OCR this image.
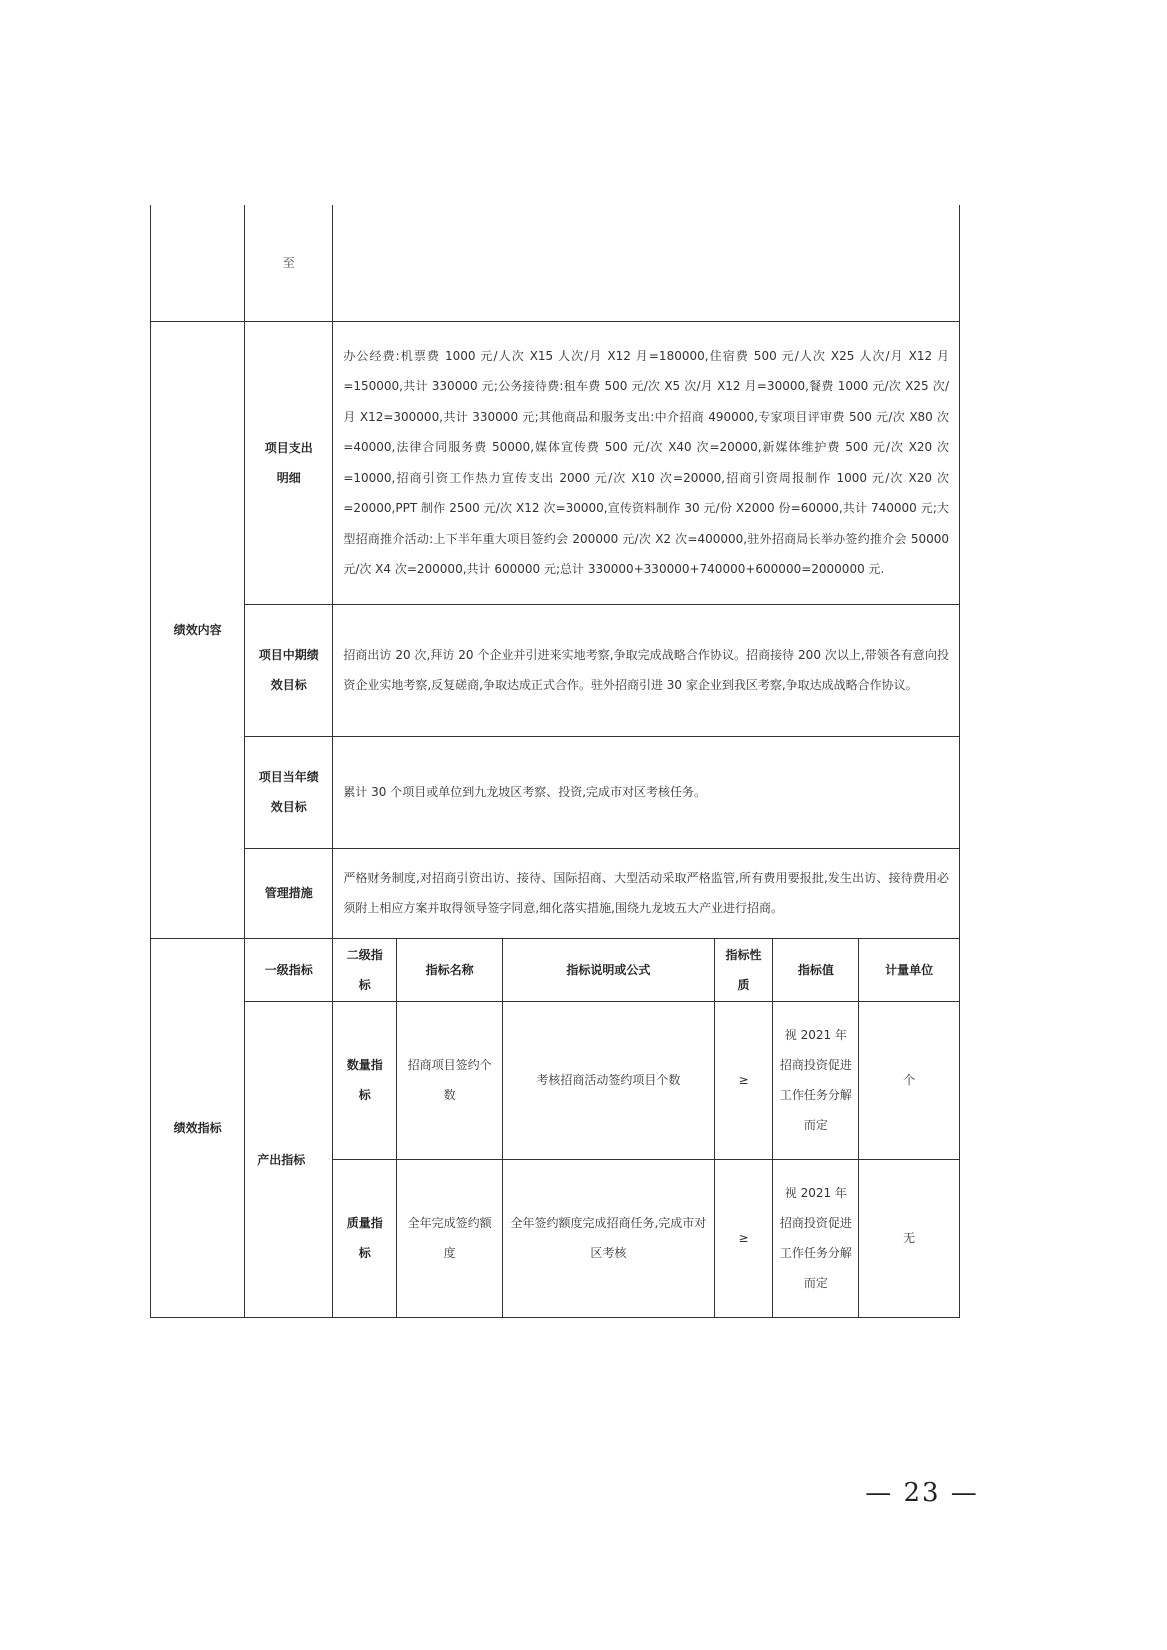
	至						
绩效内容	项目支出明细	办公经费:机票费 1000 元/人次 X15 人次/月 X12 月=180000,住宿费 500 元/人次 X25 人次/月 X12 月=150000,共计 330000 元;公务接待费:租车费 500 元/次 X5 次/月 X12 月=30000,餐费 1000 元/次 X25 次/月 X12=300000,共计 330000 元;其他商品和服务支出:中介招商 490000,专家项目评审费 500 元/次 X80 次=40000,法律合同服务费 50000,媒体宣传费 500 元/次 X40 次=20000,新媒体维护费 500 元/次 X20 次=10000,招商引资工作热力宣传支出 2000 元/次 X10 次=20000,招商引资周报制作 1000 元/次 X20 次=20000,PPT 制作 2500 元/次 X12 次=30000,宣传资料制作 30 元/份 X2000 份=60000,共计 740000 元;大型招商推介活动:上下半年重大项目签约会 200000 元/次 X2 次=400000,驻外招商局长举办签约推介会 50000 元/次 X4 次=200000,共计 600000 元;总计 330000+330000+740000+600000=2000000 元.					
	项目中期绩效目标	招商出访 20 次,拜访 20 个企业并引进来实地考察,争取完成战略合作协议。招商接待 200 次以上,带领各有意向投资企业实地考察,反复磋商,争取达成正式合作。驻外招商引进 30 家企业到我区考察,争取达成战略合作协议。					
	项目当年绩效目标	累计 30 个项目或单位到九龙坡区考察、投资,完成市对区考核任务。					
	管理措施	严格财务制度,对招商引资出访、接待、国际招商、大型活动采取严格监管,所有费用要报批,发生出访、接待费用必须附上相应方案并取得领导签字同意,细化落实措施,围绕九龙坡五大产业进行招商。					
绩效指标	一级指标	二级指标	指标名称	指标说明或公式	指标性质	指标值	计量单位
	产出指标	数量指标	招商项目签约个数	考核招商活动签约项目个数	≥	视 2021 年招商投资促进工作任务分解而定	个
		质量指标	全年完成签约额度	全年签约额度完成招商任务,完成市对区考核	≥	视 2021 年招商投资促进工作任务分解而定	无
— 23 —
